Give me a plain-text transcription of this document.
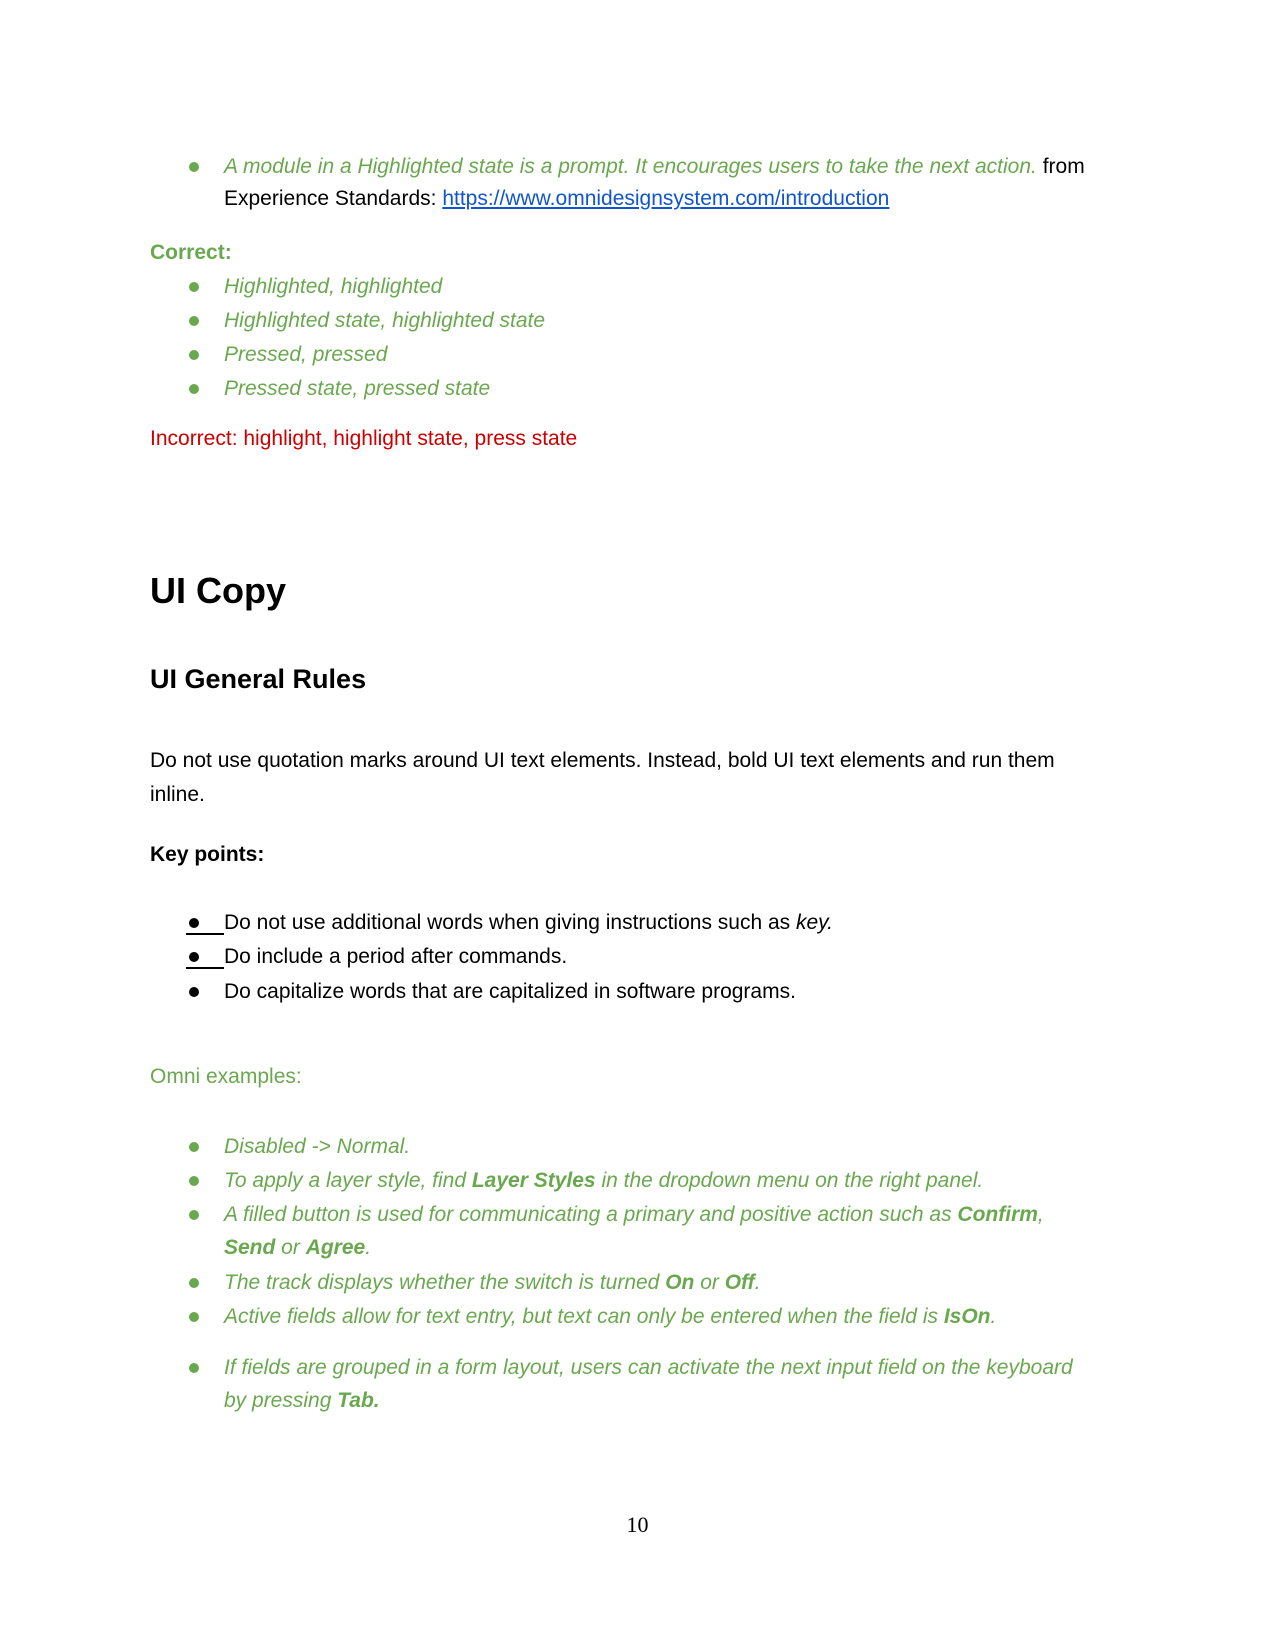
A module in a Highlighted state is a prompt. It encourages users to take the next action. from
Experience Standards: https://www.omnidesignsystem.com/introduction
Correct:
Highlighted, highlighted
Highlighted state, highlighted state
Pressed, pressed
Pressed state, pressed state
Incorrect: highlight, highlight state, press state
UI Copy
UI General Rules
Do not use quotation marks around UI text elements. Instead, bold UI text elements and run them inline.
Key points:
Do not use additional words when giving instructions such as key.
Do include a period after commands.
Do capitalize words that are capitalized in software programs.
Omni examples:
Disabled -> Normal.
To apply a layer style, find Layer Styles in the dropdown menu on the right panel.
A filled button is used for communicating a primary and positive action such as Confirm, Send or Agree.
The track displays whether the switch is turned On or Off.
Active fields allow for text entry, but text can only be entered when the field is IsOn.
If fields are grouped in a form layout, users can activate the next input field on the keyboard by pressing Tab.
10
